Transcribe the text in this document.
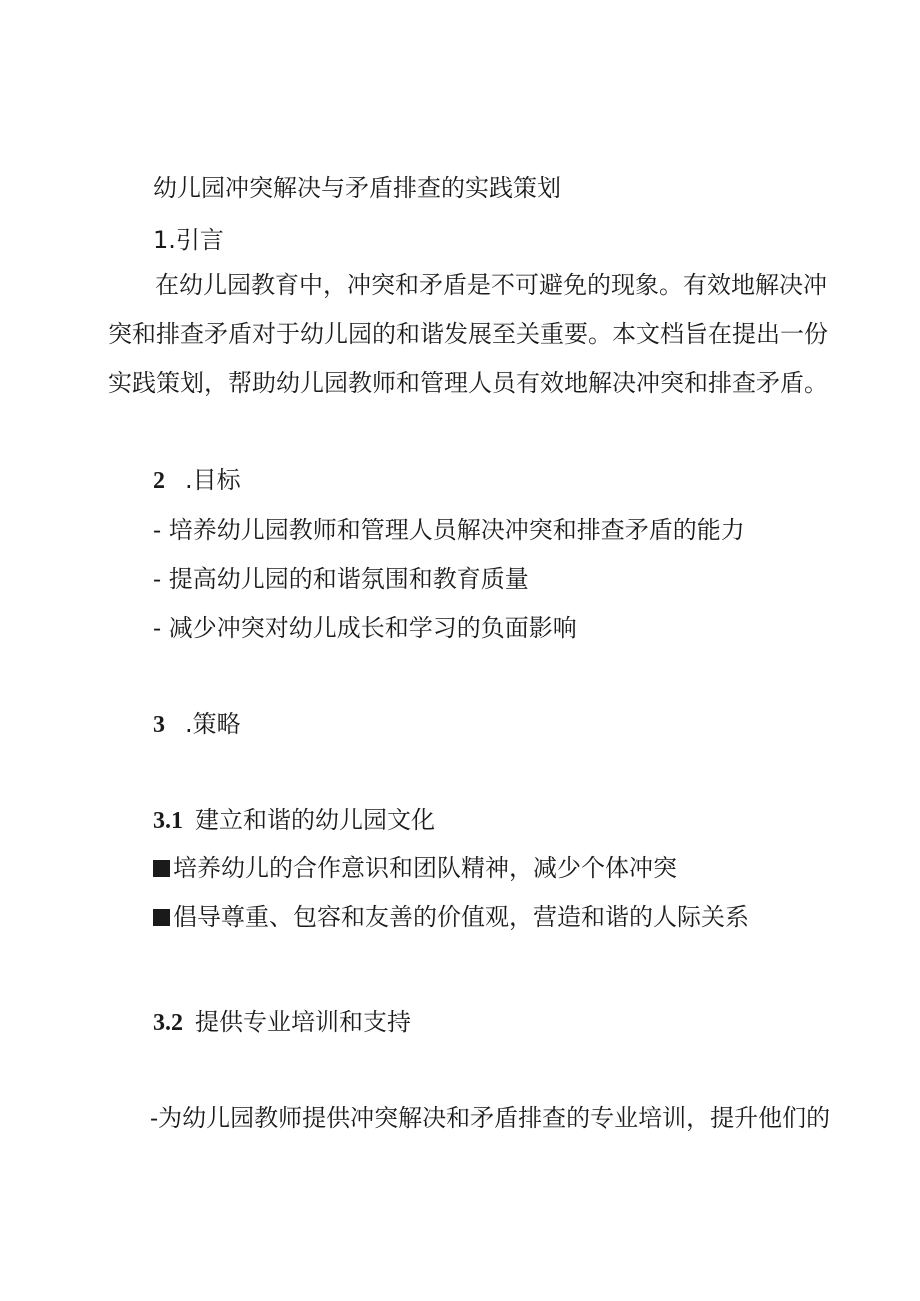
幼儿园冲突解决与矛盾排查的实践策划
1.引言
在幼儿园教育中，冲突和矛盾是不可避免的现象。有效地解决冲
突和排查矛盾对于幼儿园的和谐发展至关重要。本文档旨在提出一份
实践策划，帮助幼儿园教师和管理人员有效地解决冲突和排查矛盾。
2 .目标
- 培养幼儿园教师和管理人员解决冲突和排查矛盾的能力
- 提高幼儿园的和谐氛围和教育质量
- 减少冲突对幼儿成长和学习的负面影响
3 .策略
3.1 建立和谐的幼儿园文化
培养幼儿的合作意识和团队精神，减少个体冲突
倡导尊重、包容和友善的价值观，营造和谐的人际关系
3.2 提供专业培训和支持
-为幼儿园教师提供冲突解决和矛盾排查的专业培训，提升他们的
